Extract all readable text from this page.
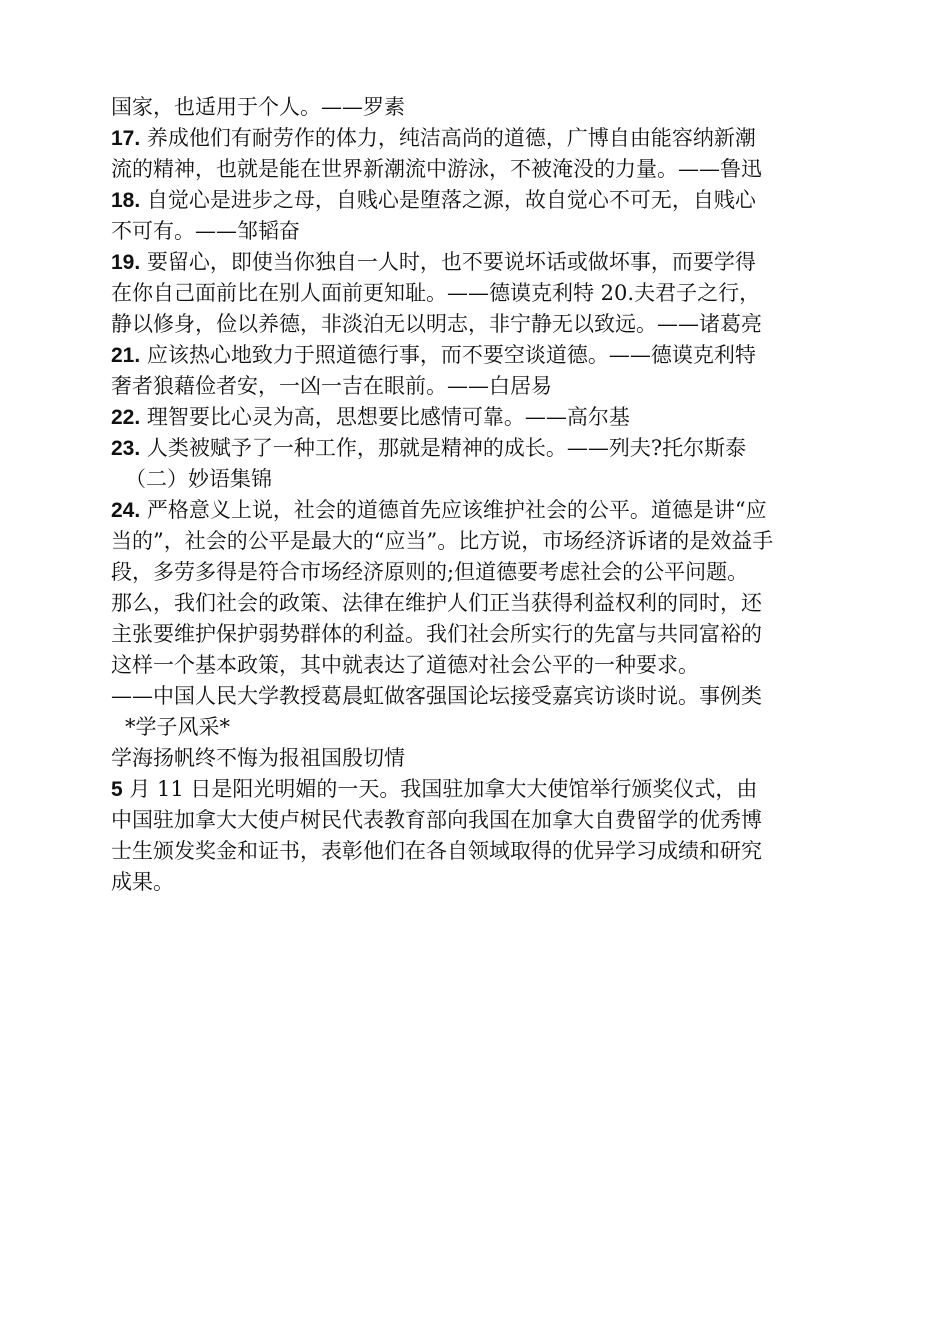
国家，也适用于个人。——罗素
17. 养成他们有耐劳作的体力，纯洁高尚的道德，广博自由能容纳新潮
流的精神，也就是能在世界新潮流中游泳，不被淹没的力量。——鲁迅
18. 自觉心是进步之母，自贱心是堕落之源，故自觉心不可无，自贱心
不可有。——邹韬奋
19. 要留心，即使当你独自一人时，也不要说坏话或做坏事，而要学得
在你自己面前比在别人面前更知耻。——德谟克利特 20.夫君子之行，
静以修身，俭以养德，非淡泊无以明志，非宁静无以致远。——诸葛亮
21. 应该热心地致力于照道德行事，而不要空谈道德。——德谟克利特
奢者狼藉俭者安，一凶一吉在眼前。——白居易
22. 理智要比心灵为高，思想要比感情可靠。——高尔基
23. 人类被赋予了一种工作，那就是精神的成长。——列夫?托尔斯泰
（二）妙语集锦
24. 严格意义上说，社会的道德首先应该维护社会的公平。道德是讲“应
当的”，社会的公平是最大的“应当”。比方说，市场经济诉诸的是效益手
段，多劳多得是符合市场经济原则的;但道德要考虑社会的公平问题。
那么，我们社会的政策、法律在维护人们正当获得利益权利的同时，还
主张要维护保护弱势群体的利益。我们社会所实行的先富与共同富裕的
这样一个基本政策，其中就表达了道德对社会公平的一种要求。
——中国人民大学教授葛晨虹做客强国论坛接受嘉宾访谈时说。事例类
*学子风采*
学海扬帆终不悔为报祖国殷切情
5 月 11 日是阳光明媚的一天。我国驻加拿大大使馆举行颁奖仪式，由
中国驻加拿大大使卢树民代表教育部向我国在加拿大自费留学的优秀博
士生颁发奖金和证书，表彰他们在各自领域取得的优异学习成绩和研究
成果。
